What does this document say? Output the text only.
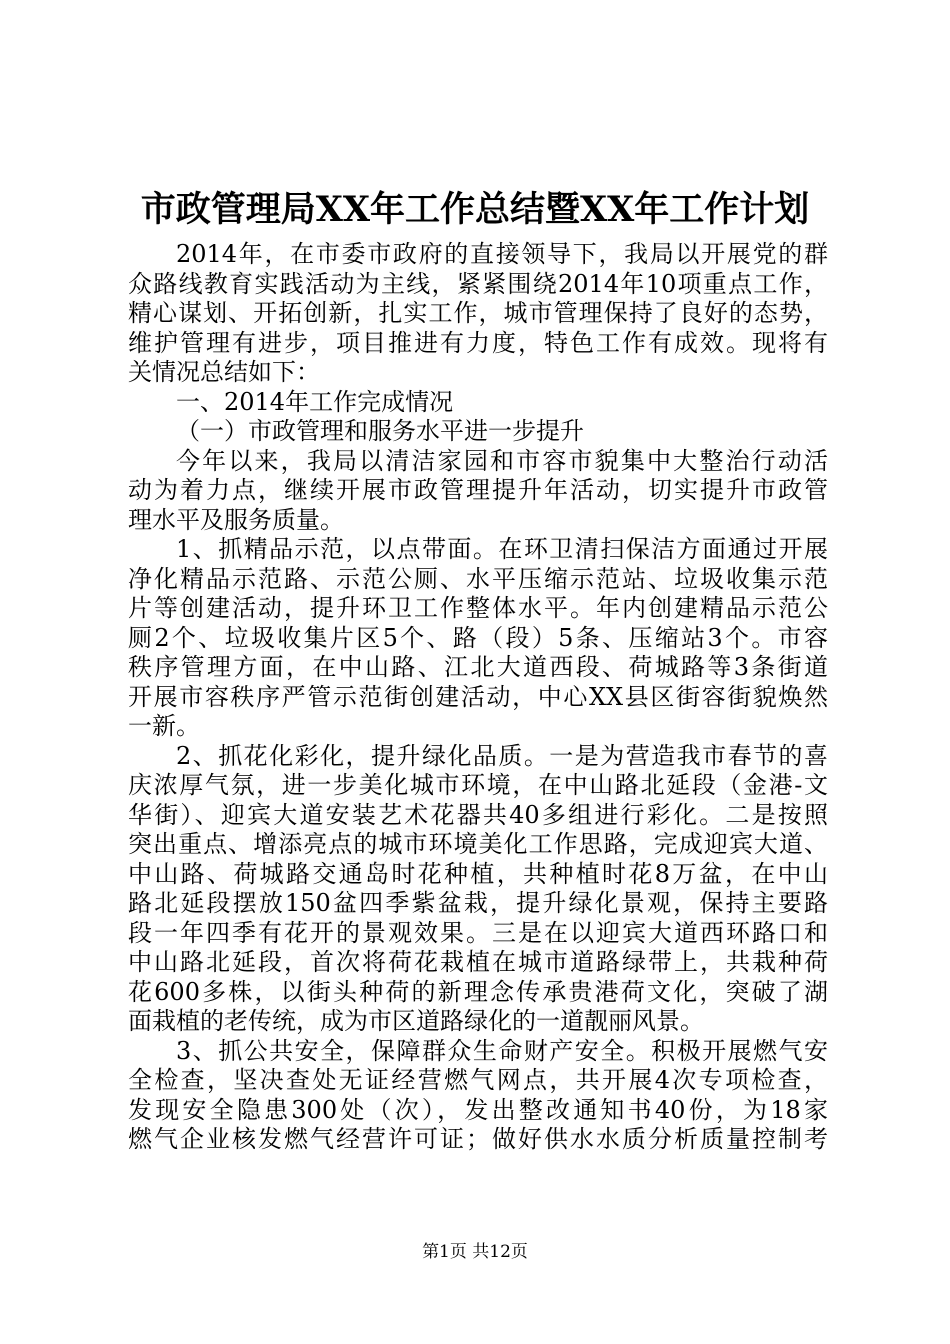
市政管理局XX年工作总结暨XX年工作计划
2014年，在市委市政府的直接领导下，我局以开展党的群
众路线教育实践活动为主线，紧紧围绕2014年10项重点工作，
精心谋划、开拓创新，扎实工作，城市管理保持了良好的态势，
维护管理有进步，项目推进有力度，特色工作有成效。现将有
关情况总结如下：
一、2014年工作完成情况
（一）市政管理和服务水平进一步提升
今年以来，我局以清洁家园和市容市貌集中大整治行动活
动为着力点，继续开展市政管理提升年活动，切实提升市政管
理水平及服务质量。
1、抓精品示范，以点带面。在环卫清扫保洁方面通过开展
净化精品示范路、示范公厕、水平压缩示范站、垃圾收集示范
片等创建活动，提升环卫工作整体水平。年内创建精品示范公
厕2个、垃圾收集片区5个、路（段）5条、压缩站3个。市容
秩序管理方面，在中山路、江北大道西段、荷城路等3条街道
开展市容秩序严管示范街创建活动，中心XX县区街容街貌焕然
一新。
2、抓花化彩化，提升绿化品质。一是为营造我市春节的喜
庆浓厚气氛，进一步美化城市环境，在中山路北延段（金港-文
华街）、迎宾大道安装艺术花器共40多组进行彩化。二是按照
突出重点、增添亮点的城市环境美化工作思路，完成迎宾大道、
中山路、荷城路交通岛时花种植，共种植时花8万盆，在中山
路北延段摆放150盆四季紫盆栽，提升绿化景观，保持主要路
段一年四季有花开的景观效果。三是在以迎宾大道西环路口和
中山路北延段，首次将荷花栽植在城市道路绿带上，共栽种荷
花600多株，以街头种荷的新理念传承贵港荷文化，突破了湖
面栽植的老传统，成为市区道路绿化的一道靓丽风景。
3、抓公共安全，保障群众生命财产安全。积极开展燃气安
全检查，坚决查处无证经营燃气网点，共开展4次专项检查，
发现安全隐患300处（次），发出整改通知书40份，为18家
燃气企业核发燃气经营许可证；做好供水水质分析质量控制考
第1页 共12页
